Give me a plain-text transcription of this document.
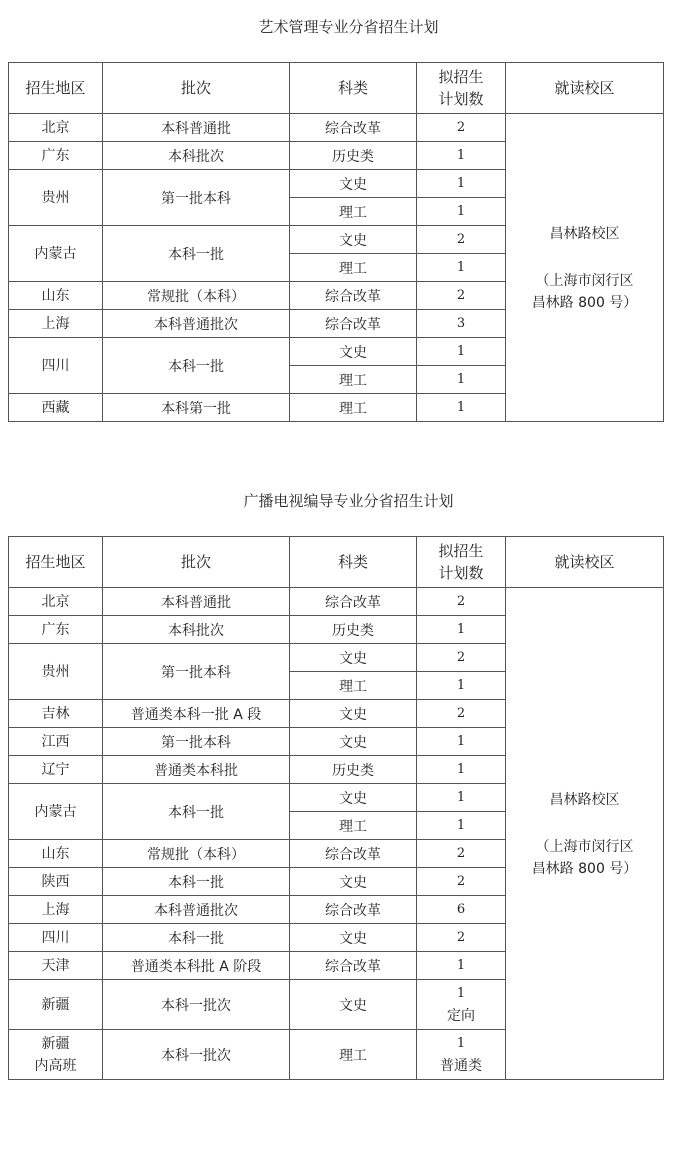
艺术管理专业分省招生计划
招生地区	批次	科类	拟招生
计划数	就读校区

北京	本科普通批	综合改革	2	昌林路校区
（上海市闵行区
昌林路 800 号）

广东	本科批次	历史类	1	

贵州	第一批本科	文史	1	

		理工	1	

内蒙古	本科一批	文史	2	

		理工	1	

山东	常规批（本科）	综合改革	2	

上海	本科普通批次	综合改革	3	

四川	本科一批	文史	1	

		理工	1	

西藏	本科第一批	理工	1	
广播电视编导专业分省招生计划
招生地区	批次	科类	拟招生
计划数	就读校区

北京	本科普通批	综合改革	2	昌林路校区
（上海市闵行区
昌林路 800 号）

广东	本科批次	历史类	1	

贵州	第一批本科	文史	2	

		理工	1	

吉林	普通类本科一批 A 段	文史	2	

江西	第一批本科	文史	1	

辽宁	普通类本科批	历史类	1	

内蒙古	本科一批	文史	1	

		理工	1	

山东	常规批（本科）	综合改革	2	

陕西	本科一批	文史	2	

上海	本科普通批次	综合改革	6	

四川	本科一批	文史	2	

天津	普通类本科批 A 阶段	综合改革	1	

新疆	本科一批次	文史	1
定向	

新疆
内高班	本科一批次	理工	1
普通类	
